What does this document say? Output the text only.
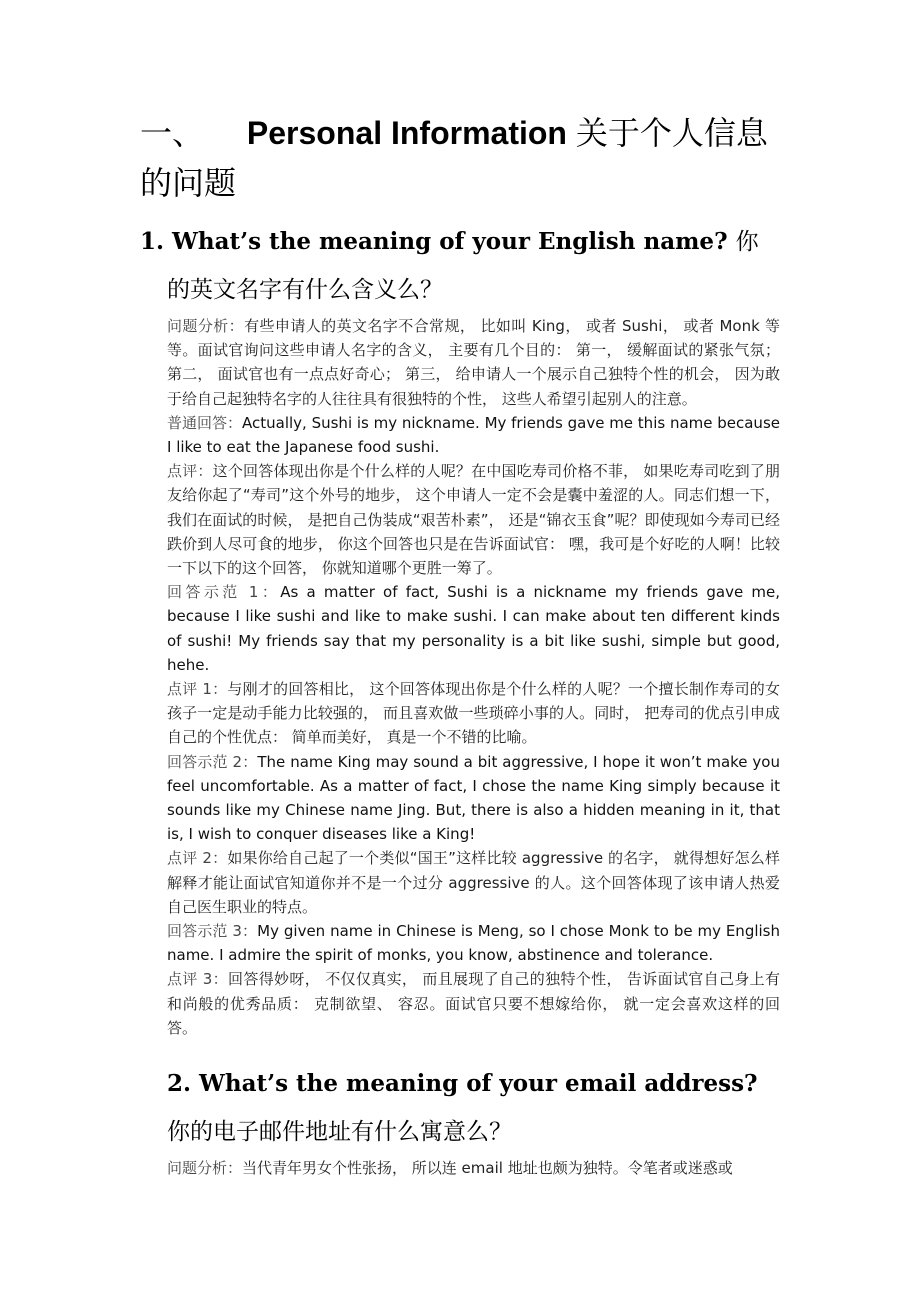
一、 Personal Information 关于个人信息的问题
1. What’s the meaning of your English name? 你的英文名字有什么含义么？

问题分析：有些申请人的英文名字不合常规， 比如叫 King， 或者 Sushi， 或者 Monk 等等。面试官询问这些申请人名字的含义， 主要有几个目的： 第一， 缓解面试的紧张气氛； 第二， 面试官也有一点点好奇心； 第三， 给申请人一个展示自己独特个性的机会， 因为敢于给自己起独特名字的人往往具有很独特的个性， 这些人希望引起别人的注意。

普通回答：Actually, Sushi is my nickname. My friends gave me this name because I like to eat the Japanese food sushi.

点评：这个回答体现出你是个什么样的人呢？在中国吃寿司价格不菲， 如果吃寿司吃到了朋友给你起了“寿司”这个外号的地步， 这个申请人一定不会是囊中羞涩的人。同志们想一下， 我们在面试的时候， 是把自己伪装成“艰苦朴素”， 还是“锦衣玉食”呢？即使现如今寿司已经跌价到人尽可食的地步， 你这个回答也只是在告诉面试官： 嘿，我可是个好吃的人啊！比较一下以下的这个回答， 你就知道哪个更胜一筹了。

回答示范 1：As a matter of fact, Sushi is a nickname my friends gave me, because I like sushi and like to make sushi. I can make about ten different kinds of sushi! My friends say that my personality is a bit like sushi, simple but good, hehe.

点评 1：与刚才的回答相比， 这个回答体现出你是个什么样的人呢？一个擅长制作寿司的女孩子一定是动手能力比较强的， 而且喜欢做一些琐碎小事的人。同时， 把寿司的优点引申成自己的个性优点： 简单而美好， 真是一个不错的比喻。

回答示范 2：The name King may sound a bit aggressive, I hope it won’t make you feel uncomfortable. As a matter of fact, I chose the name King simply because it sounds like my Chinese name Jing. But, there is also a hidden meaning in it, that is, I wish to conquer diseases like a King!

点评 2：如果你给自己起了一个类似“国王”这样比较 aggressive 的名字， 就得想好怎么样解释才能让面试官知道你并不是一个过分 aggressive 的人。这个回答体现了该申请人热爱自己医生职业的特点。

回答示范 3：My given name in Chinese is Meng, so I chose Monk to be my English name. I admire the spirit of monks, you know, abstinence and tolerance.

点评 3：回答得妙呀， 不仅仅真实， 而且展现了自己的独特个性， 告诉面试官自己身上有和尚般的优秀品质： 克制欲望、 容忍。面试官只要不想嫁给你， 就一定会喜欢这样的回答。

2. What’s the meaning of your email address? 你的电子邮件地址有什么寓意么？

问题分析：当代青年男女个性张扬， 所以连 email 地址也颇为独特。令笔者或迷惑或
